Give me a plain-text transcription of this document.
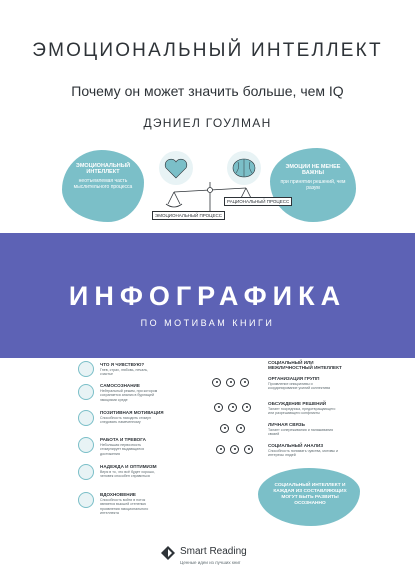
ЭМОЦИОНАЛЬНЫЙ ИНТЕЛЛЕКТ
Почему он может значить больше, чем IQ
ДЭНИЕЛ ГОУЛМАН
ЭМОЦИОНАЛЬНЫЙ ИНТЕЛЛЕКТ
неотъемлемая часть мыслительного процесса
ЭМОЦИИ НЕ МЕНЕЕ ВАЖНЫ
при принятии решений, чем разум
ЭМОЦИОНАЛЬНЫЙ ПРОЦЕСС
РАЦИОНАЛЬНЫЙ ПРОЦЕСС
ИНФОГРАФИКА
ПО МОТИВАМ КНИГИ
ЧТО Я ЧУВСТВУЮ?
Гнев, страх, любовь, печаль, счастье
САМОСОЗНАНИЕ
Нейтральный режим, при котором сохраняется анализ в бурлящей эмоциями среде
ПОЗИТИВНАЯ МОТИВАЦИЯ
Способность находить стимул следовать намеченному
РАБОТА И ТРЕВОГА
Небольшая нервозность стимулирует выдающиеся достижения
НАДЕЖДА И ОПТИМИЗМ
Веря в то, что всё будет хорошо, человек способен справиться
ВДОХНОВЕНИЕ
Способность войти в поток является высшей степенью проявления эмоционального интеллекта
СОЦИАЛЬНЫЙ ИЛИ МЕЖЛИЧНОСТНЫЙ ИНТЕЛЛЕКТ
ОРГАНИЗАЦИЯ ГРУПП
Проявление инициативы и координирование усилий коллектива
ОБСУЖДЕНИЕ РЕШЕНИЙ
Талант посредника, предотвращающего или разрешающего конфликты
ЛИЧНАЯ СВЯЗЬ
Талант сопереживания и налаживания связей
СОЦИАЛЬНЫЙ АНАЛИЗ
Способность понимать чувства, мотивы и интересы людей
СОЦИАЛЬНЫЙ ИНТЕЛЛЕКТ И КАЖДАЯ ИЗ СОСТАВЛЯЮЩИХ МОГУТ БЫТЬ РАЗВИТЫ ОСОЗНАННО
Smart Reading
Ценные идеи из лучших книг
